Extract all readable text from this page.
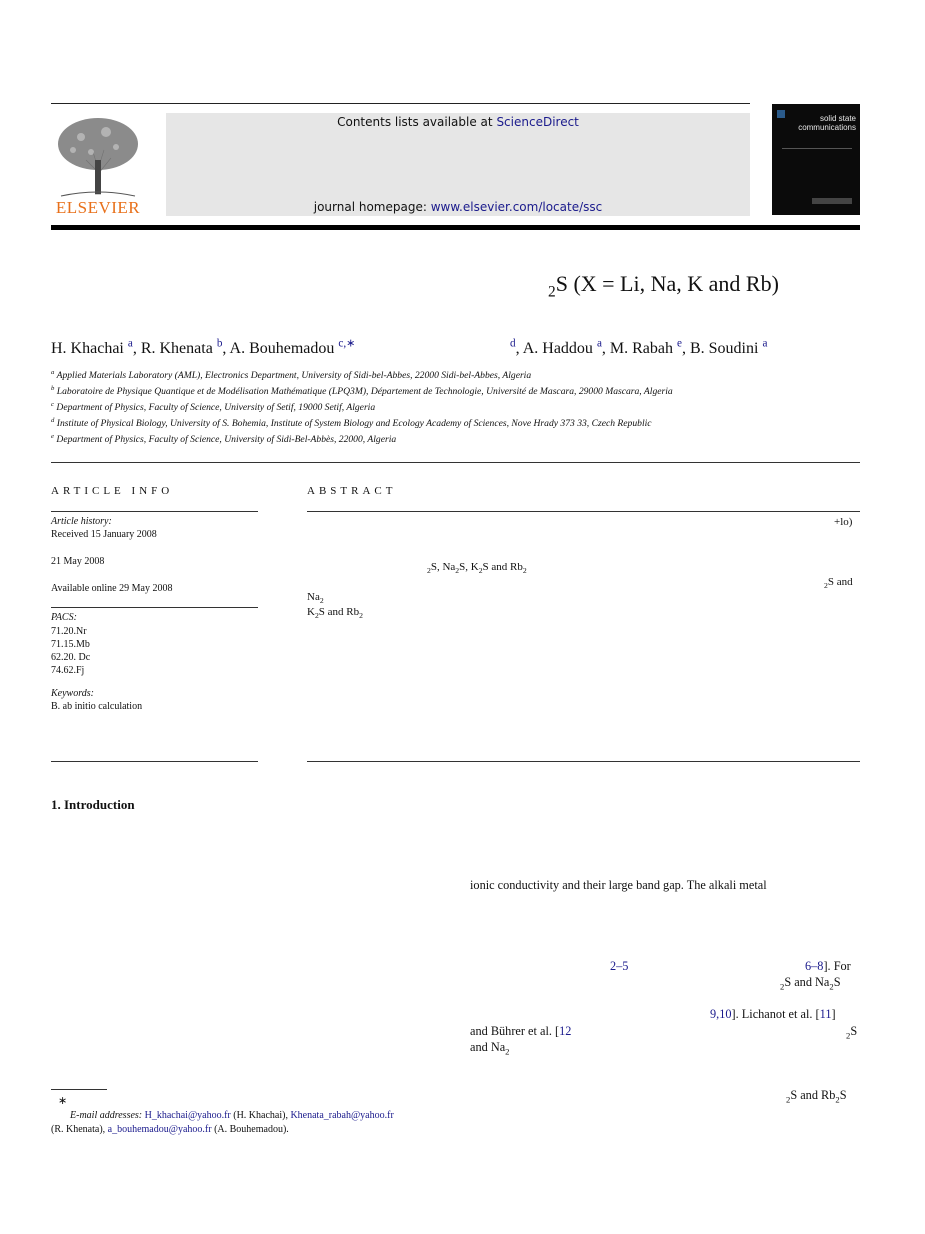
ELSEVIER
Contents lists available at ScienceDirect
journal homepage: www.elsevier.com/locate/ssc
solid state communications
$_2$S (X = Li, Na, K and Rb)
H. Khachai $^a$, R. Khenata $^b$, A. Bouhemadou $^{c,∗}$	$^d$, A. Haddou $^a$, M. Rabah $^e$, B. Soudini $^a$
$^a$ Applied Materials Laboratory (AML), Electronics Department, University of Sidi-bel-Abbes, 22000 Sidi-bel-Abbes, Algeria
$^b$ Laboratoire de Physique Quantique et de Modélisation Mathématique (LPQ3M), Département de Technologie, Université de Mascara, 29000 Mascara, Algeria
$^c$ Department of Physics, Faculty of Science, University of Setif, 19000 Setif, Algeria
$^d$ Institute of Physical Biology, University of S. Bohemia, Institute of System Biology and Ecology Academy of Sciences, Nove Hrady 373 33, Czech Republic
$^e$ Department of Physics, Faculty of Science, University of Sidi-Bel-Abbès, 22000, Algeria
ARTICLE INFO
Article history:
Received 15 January 2008
21 May 2008
Available online 29 May 2008
PACS:
71.20.Nr
71.15.Mb
62.20. Dc
74.62.Fj
Keywords:
B. ab initio calculation
ABSTRACT
+lo)
$_2$S, $Na_2S$, $K_2S$ and $Rb_2$
$_2$S and
$Na_2$
$K_2S$ and $Rb_2$
1. Introduction
ionic conductivity and their large band gap. The alkali metal
2–5	6–8]. For
$_2$S and $Na_2S$
9,10]. Lichanot et al. [11]
and Bührer et al. [12	$_2$S
and $Na_2$
$_2$S and $Rb_2S$
∗
E-mail addresses: H_khachai@yahoo.fr (H. Khachai), Khenata_rabah@yahoo.fr
(R. Khenata), a_bouhemadou@yahoo.fr (A. Bouhemadou).
